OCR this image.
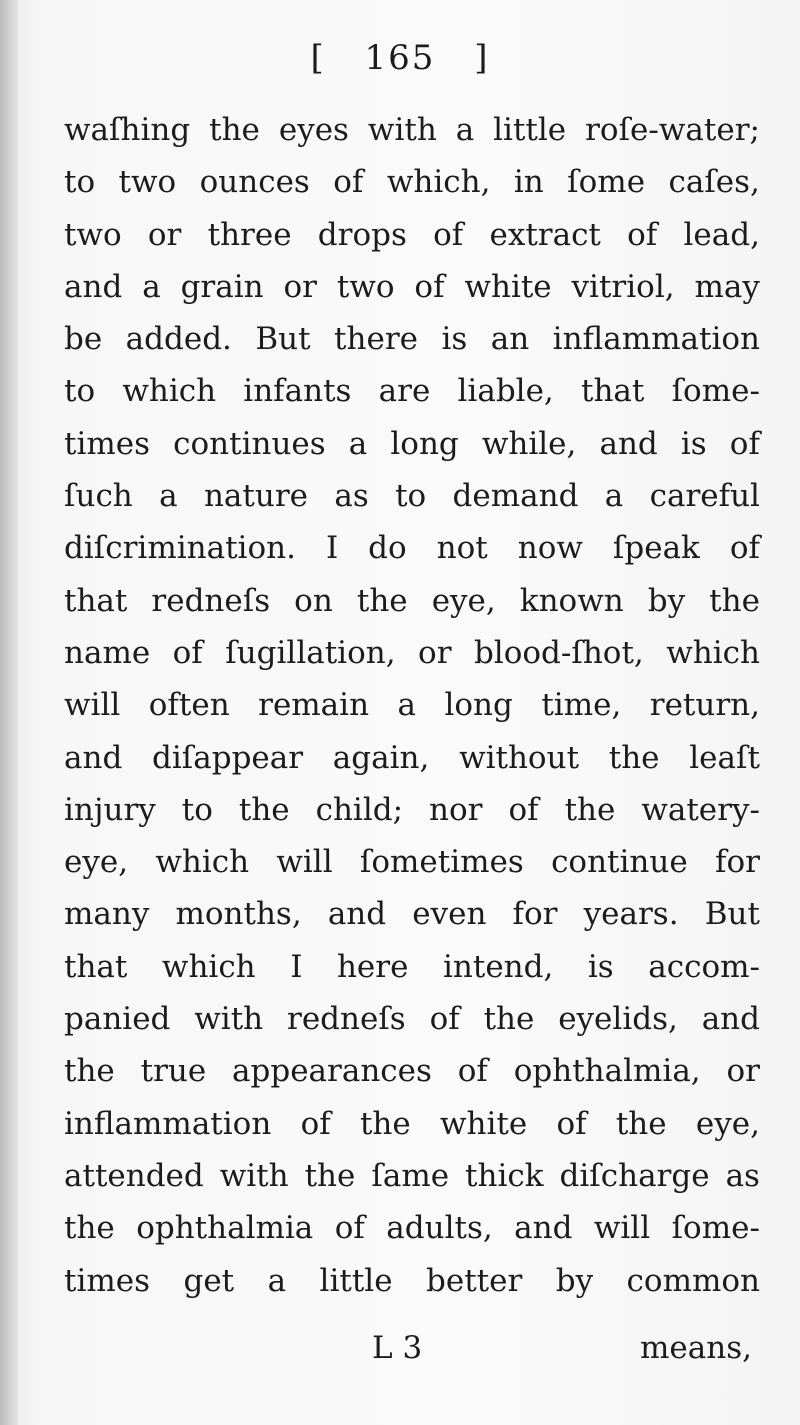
[ 165 ]
waſhing the eyes with a little roſe-water;
to two ounces of which, in ſome caſes,
two or three drops of extract of lead,
and a grain or two of white vitriol, may
be added. But there is an inflammation
to which infants are liable, that ſome-
times continues a long while, and is of
ſuch a nature as to demand a careful
diſcrimination. I do not now ſpeak of
that redneſs on the eye, known by the
name of ſugillation, or blood-ſhot, which
will often remain a long time, return,
and diſappear again, without the leaſt
injury to the child; nor of the watery-
eye, which will ſometimes continue for
many months, and even for years. But
that which I here intend, is accom-
panied with redneſs of the eyelids, and
the true appearances of ophthalmia, or
inflammation of the white of the eye,
attended with the ſame thick diſcharge as
the ophthalmia of adults, and will ſome-
times get a little better by common
L 3	means,
